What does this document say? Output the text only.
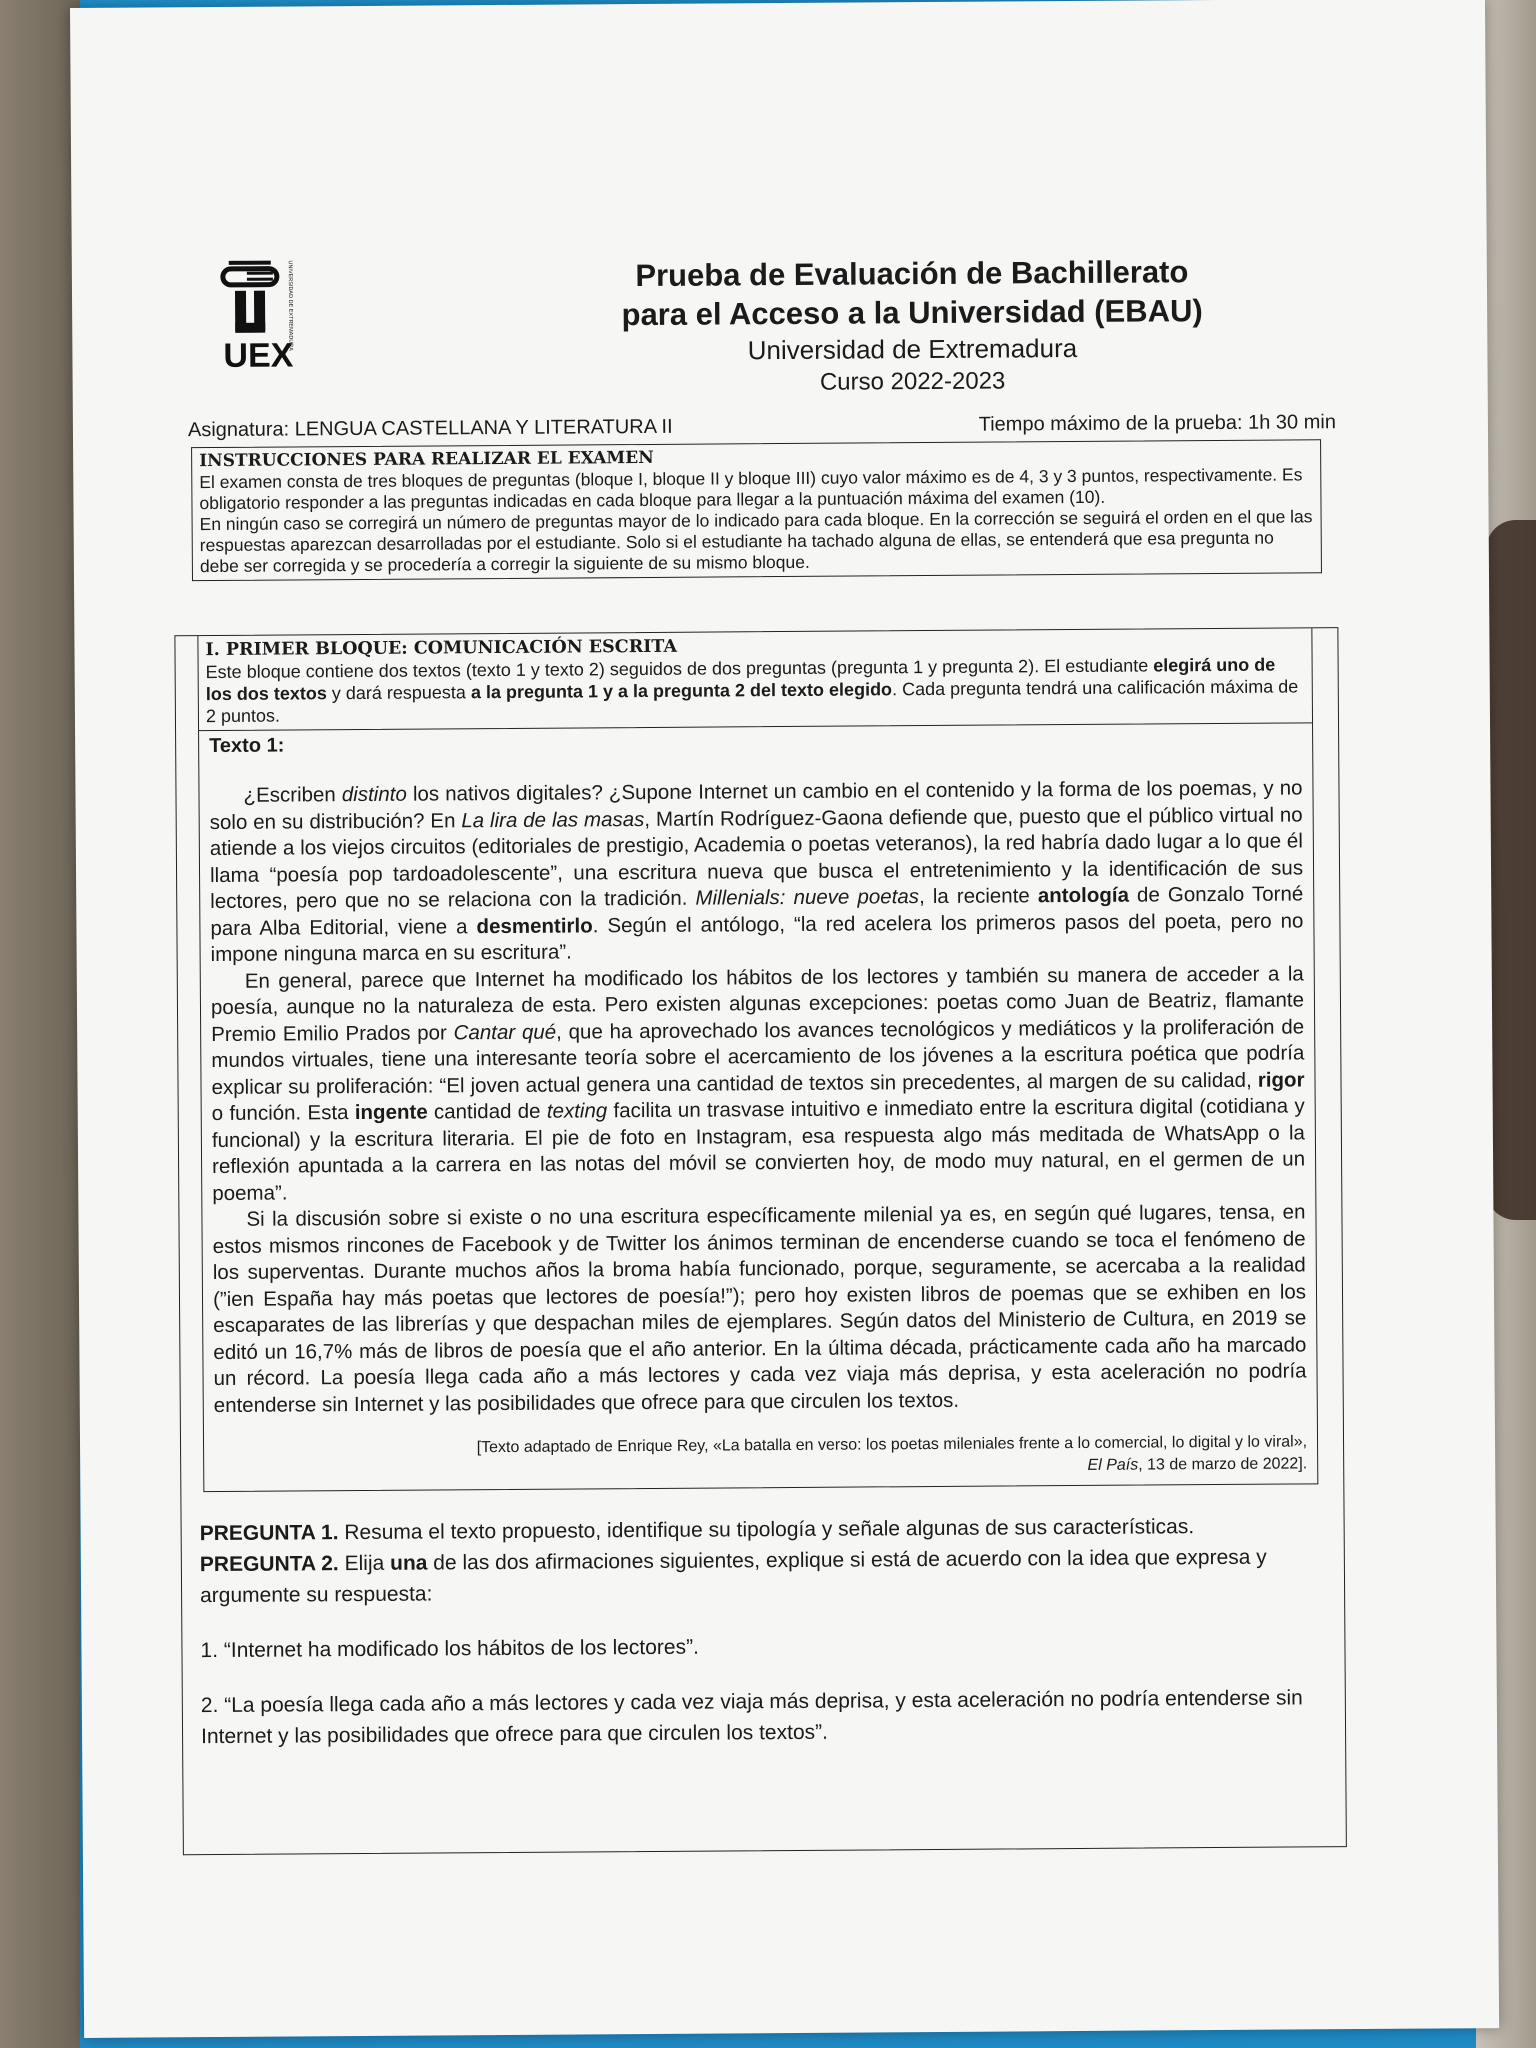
UEX
UNIVERSIDAD DE EXTREMADURA	Prueba de Evaluación de Bachillerato
para el Acceso a la Universidad (EBAU)
Universidad de Extremadura
Curso 2022-2023
Asignatura: LENGUA CASTELLANA Y LITERATURA II	Tiempo máximo de la prueba: 1h 30 min
INSTRUCCIONES PARA REALIZAR EL EXAMEN
El examen consta de tres bloques de preguntas (bloque I, bloque II y bloque III) cuyo valor máximo es de 4, 3 y 3 puntos, respectivamente. Es obligatorio responder a las preguntas indicadas en cada bloque para llegar a la puntuación máxima del examen (10).
En ningún caso se corregirá un número de preguntas mayor de lo indicado para cada bloque. En la corrección se seguirá el orden en el que las respuestas aparezcan desarrolladas por el estudiante. Solo si el estudiante ha tachado alguna de ellas, se entenderá que esa pregunta no debe ser corregida y se procedería a corregir la siguiente de su mismo bloque.
I. PRIMER BLOQUE: COMUNICACIÓN ESCRITA
Este bloque contiene dos textos (texto 1 y texto 2) seguidos de dos preguntas (pregunta 1 y pregunta 2). El estudiante elegirá uno de los dos textos y dará respuesta a la pregunta 1 y a la pregunta 2 del texto elegido. Cada pregunta tendrá una calificación máxima de 2 puntos.
Texto 1:

¿Escriben distinto los nativos digitales? ¿Supone Internet un cambio en el contenido y la forma de los poemas, y no solo en su distribución? En La lira de las masas, Martín Rodríguez-Gaona defiende que, puesto que el público virtual no atiende a los viejos circuitos (editoriales de prestigio, Academia o poetas veteranos), la red habría dado lugar a lo que él llama “poesía pop tardoadolescente”, una escritura nueva que busca el entretenimiento y la identificación de sus lectores, pero que no se relaciona con la tradición. Millenials: nueve poetas, la reciente antología de Gonzalo Torné para Alba Editorial, viene a desmentirlo. Según el antólogo, “la red acelera los primeros pasos del poeta, pero no impone ninguna marca en su escritura”.

En general, parece que Internet ha modificado los hábitos de los lectores y también su manera de acceder a la poesía, aunque no la naturaleza de esta. Pero existen algunas excepciones: poetas como Juan de Beatriz, flamante Premio Emilio Prados por Cantar qué, que ha aprovechado los avances tecnológicos y mediáticos y la proliferación de mundos virtuales, tiene una interesante teoría sobre el acercamiento de los jóvenes a la escritura poética que podría explicar su proliferación: “El joven actual genera una cantidad de textos sin precedentes, al margen de su calidad, rigor o función. Esta ingente cantidad de texting facilita un trasvase intuitivo e inmediato entre la escritura digital (cotidiana y funcional) y la escritura literaria. El pie de foto en Instagram, esa respuesta algo más meditada de WhatsApp o la reflexión apuntada a la carrera en las notas del móvil se convierten hoy, de modo muy natural, en el germen de un poema”.

Si la discusión sobre si existe o no una escritura específicamente milenial ya es, en según qué lugares, tensa, en estos mismos rincones de Facebook y de Twitter los ánimos terminan de encenderse cuando se toca el fenómeno de los superventas. Durante muchos años la broma había funcionado, porque, seguramente, se acercaba a la realidad (”ien España hay más poetas que lectores de poesía!”); pero hoy existen libros de poemas que se exhiben en los escaparates de las librerías y que despachan miles de ejemplares. Según datos del Ministerio de Cultura, en 2019 se editó un 16,7% más de libros de poesía que el año anterior. En la última década, prácticamente cada año ha marcado un récord. La poesía llega cada año a más lectores y cada vez viaja más deprisa, y esta aceleración no podría entenderse sin Internet y las posibilidades que ofrece para que circulen los textos.

[Texto adaptado de Enrique Rey, «La batalla en verso: los poetas mileniales frente a lo comercial, lo digital y lo viral»,
El País, 13 de marzo de 2022].
PREGUNTA 1. Resuma el texto propuesto, identifique su tipología y señale algunas de sus características.
PREGUNTA 2. Elija una de las dos afirmaciones siguientes, explique si está de acuerdo con la idea que expresa y argumente su respuesta:
1. “Internet ha modificado los hábitos de los lectores”.
2. “La poesía llega cada año a más lectores y cada vez viaja más deprisa, y esta aceleración no podría entenderse sin Internet y las posibilidades que ofrece para que circulen los textos”.
